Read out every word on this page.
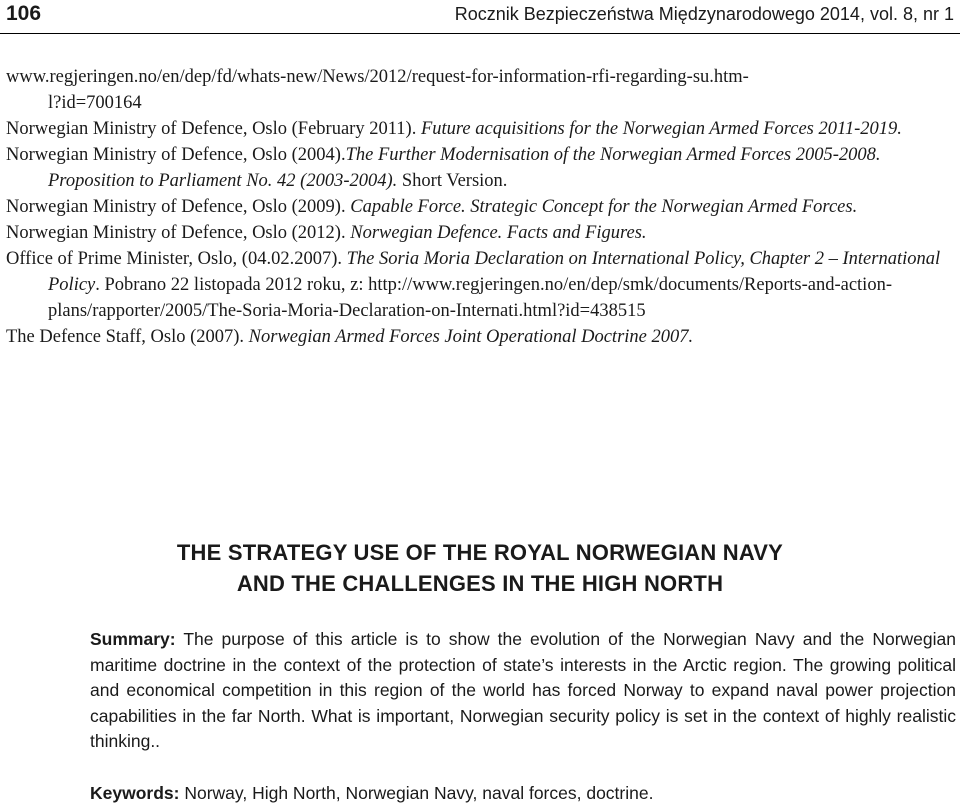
106	Rocznik Bezpieczeństwa Międzynarodowego 2014, vol. 8, nr 1
www.regjeringen.no/en/dep/fd/whats-new/News/2012/request-for-information-rfi-regarding-su.htm-
l?id=700164
Norwegian Ministry of Defence, Oslo (February 2011). Future acquisitions for the Norwegian Armed Forces 2011-2019.
Norwegian Ministry of Defence, Oslo (2004).The Further Modernisation of the Norwegian Armed Forces 2005-2008. Proposition to Parliament No. 42 (2003-2004). Short Version.
Norwegian Ministry of Defence, Oslo (2009). Capable Force. Strategic Concept for the Norwegian Armed Forces.
Norwegian Ministry of Defence, Oslo (2012). Norwegian Defence. Facts and Figures.
Office of Prime Minister, Oslo, (04.02.2007). The Soria Moria Declaration on International Policy, Chapter 2 – International Policy. Pobrano 22 listopada 2012 roku, z: http://www.regjeringen.no/en/dep/smk/documents/Reports-and-action-plans/rapporter/2005/The-Soria-Moria-Declaration-on-Internati.html?id=438515
The Defence Staff, Oslo (2007). Norwegian Armed Forces Joint Operational Doctrine 2007.
THE STRATEGY USE OF THE ROYAL NORWEGIAN NAVY
AND THE CHALLENGES IN THE HIGH NORTH
Summary: The purpose of this article is to show the evolution of the Norwegian Navy and the Norwegian maritime doctrine in the context of the protection of state’s interests in the Arctic region. The growing political and economical competition in this region of the world has forced Norway to expand naval power projection capabilities in the far North. What is important, Norwegian security policy is set in the context of highly realistic thinking..
Keywords: Norway, High North, Norwegian Navy, naval forces, doctrine.
